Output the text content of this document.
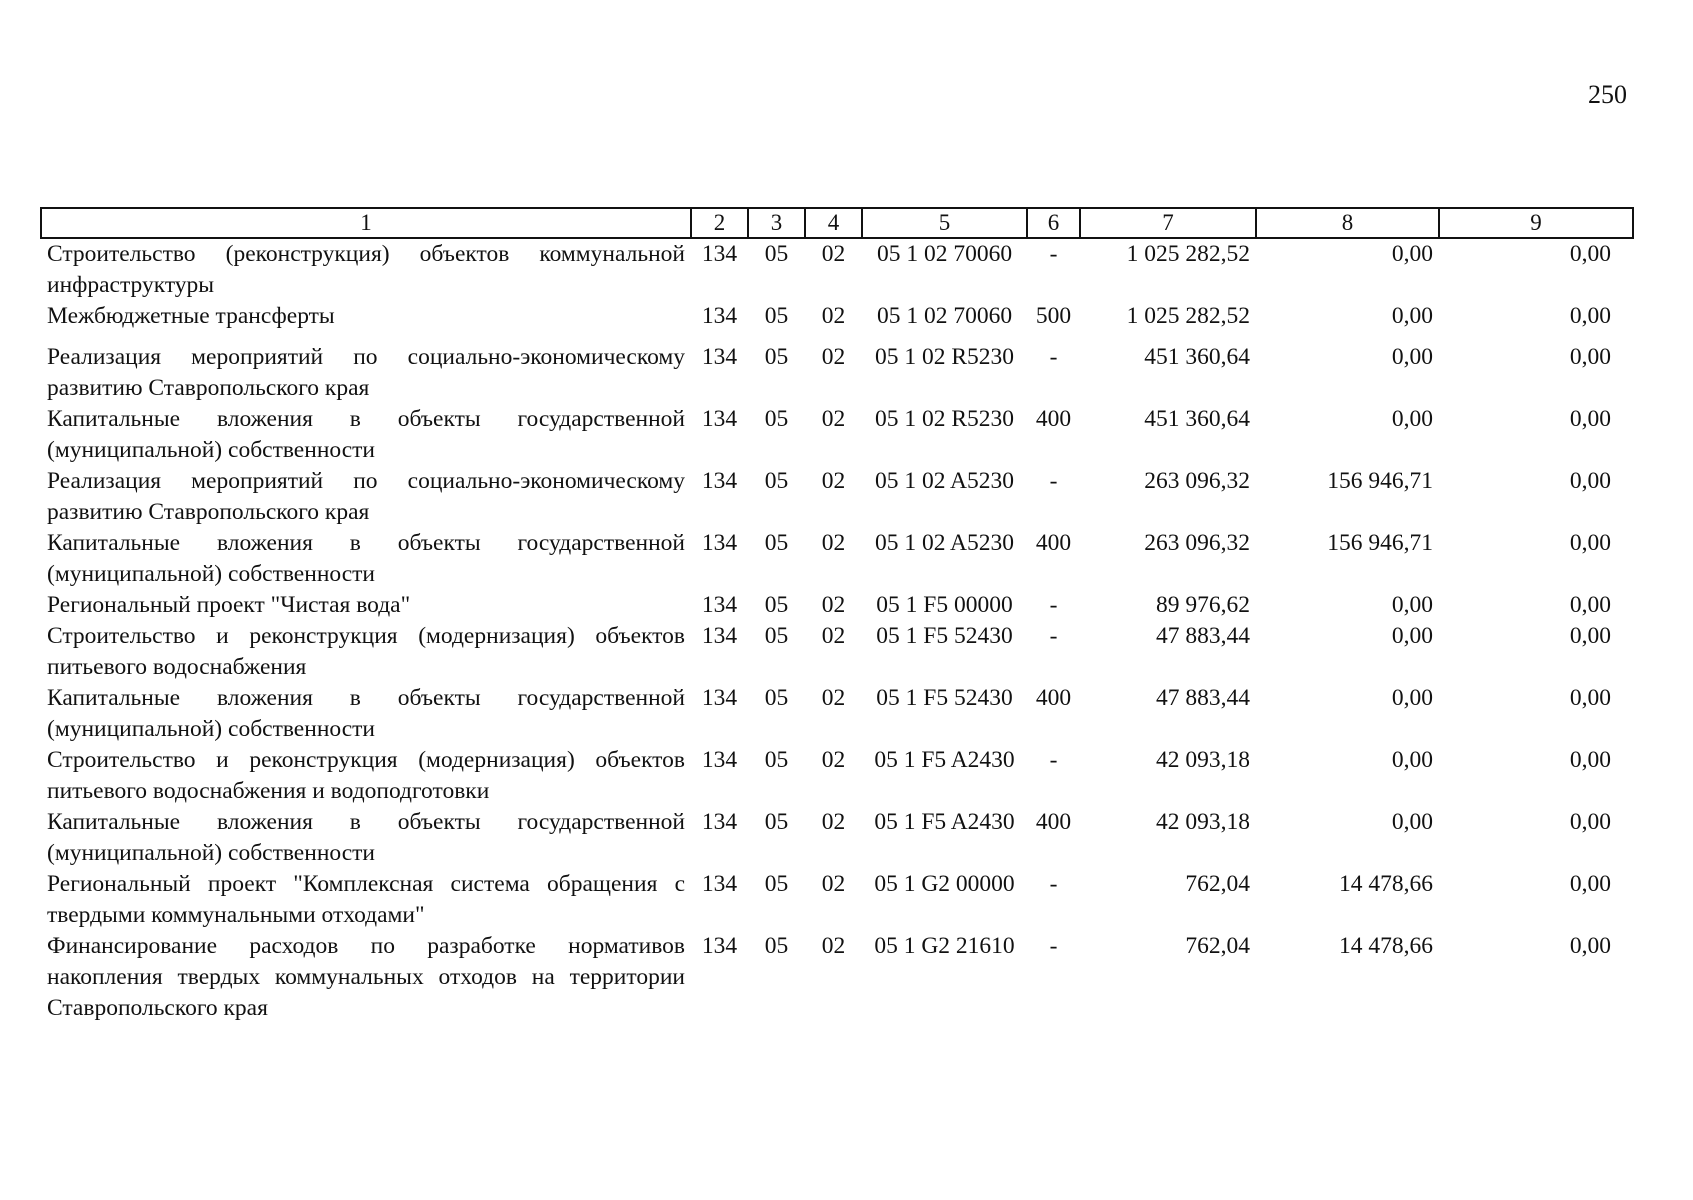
250
1	2	3	4	5	6	7	8	9
Строительство (реконструкция) объектов коммунальной инфраструктуры	134	05	02	05 1 02 70060	-	1 025 282,52	0,00	0,00
Межбюджетные трансферты	134	05	02	05 1 02 70060	500	1 025 282,52	0,00	0,00
Реализация мероприятий по социально-экономическому развитию Ставропольского края	134	05	02	05 1 02 R5230	-	451 360,64	0,00	0,00
Капитальные вложения в объекты государственной (муниципальной) собственности	134	05	02	05 1 02 R5230	400	451 360,64	0,00	0,00
Реализация мероприятий по социально-экономическому развитию Ставропольского края	134	05	02	05 1 02 A5230	-	263 096,32	156 946,71	0,00
Капитальные вложения в объекты государственной (муниципальной) собственности	134	05	02	05 1 02 A5230	400	263 096,32	156 946,71	0,00
Региональный проект "Чистая вода"	134	05	02	05 1 F5 00000	-	89 976,62	0,00	0,00
Строительство и реконструкция (модернизация) объектов питьевого водоснабжения	134	05	02	05 1 F5 52430	-	47 883,44	0,00	0,00
Капитальные вложения в объекты государственной (муниципальной) собственности	134	05	02	05 1 F5 52430	400	47 883,44	0,00	0,00
Строительство и реконструкция (модернизация) объектов питьевого водоснабжения и водоподготовки	134	05	02	05 1 F5 A2430	-	42 093,18	0,00	0,00
Капитальные вложения в объекты государственной (муниципальной) собственности	134	05	02	05 1 F5 A2430	400	42 093,18	0,00	0,00
Региональный проект "Комплексная система обращения с твердыми коммунальными отходами"	134	05	02	05 1 G2 00000	-	762,04	14 478,66	0,00
Финансирование расходов по разработке нормативов накопления твердых коммунальных отходов на территории Ставропольского края	134	05	02	05 1 G2 21610	-	762,04	14 478,66	0,00
